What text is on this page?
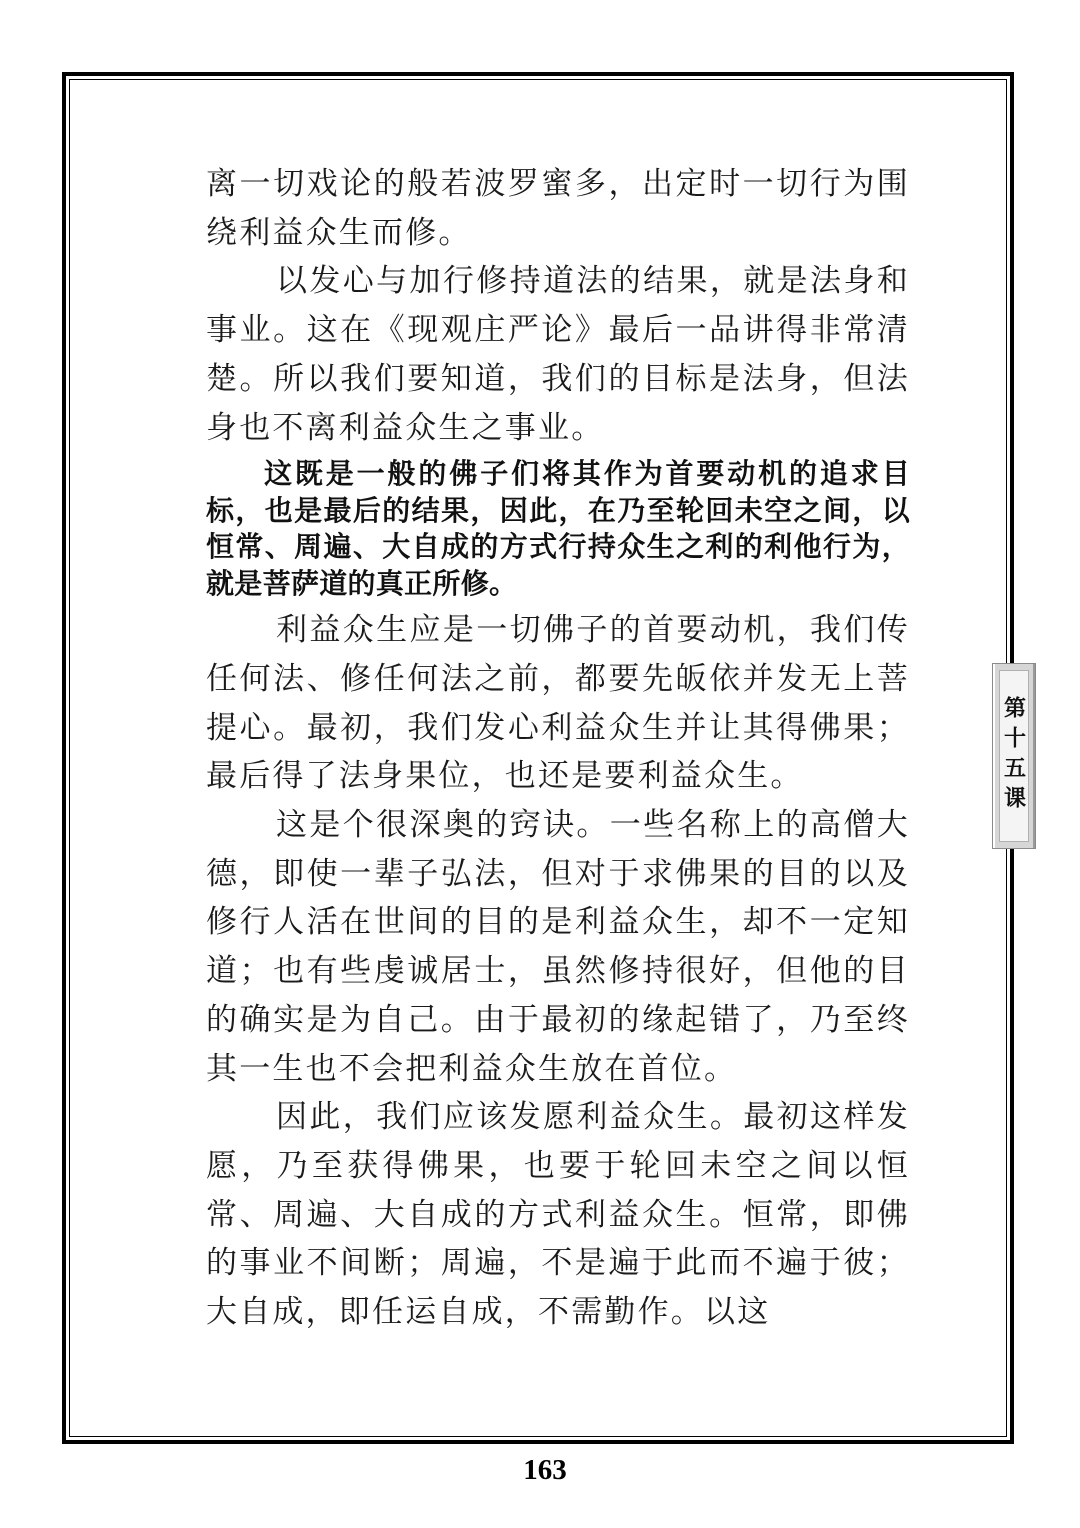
离一切戏论的般若波罗蜜多，出定时一切行为围绕利益众生而修。

以发心与加行修持道法的结果，就是法身和事业。这在《现观庄严论》最后一品讲得非常清楚。所以我们要知道，我们的目标是法身，但法身也不离利益众生之事业。

这既是一般的佛子们将其作为首要动机的追求目标，也是最后的结果，因此，在乃至轮回未空之间，以恒常、周遍、大自成的方式行持众生之利的利他行为，就是菩萨道的真正所修。

利益众生应是一切佛子的首要动机，我们传任何法、修任何法之前，都要先皈依并发无上菩提心。最初，我们发心利益众生并让其得佛果；最后得了法身果位，也还是要利益众生。

这是个很深奥的窍诀。一些名称上的高僧大德，即使一辈子弘法，但对于求佛果的目的以及修行人活在世间的目的是利益众生，却不一定知道；也有些虔诚居士，虽然修持很好，但他的目的确实是为自己。由于最初的缘起错了，乃至终其一生也不会把利益众生放在首位。

因此，我们应该发愿利益众生。最初这样发愿，乃至获得佛果，也要于轮回未空之间以恒常、周遍、大自成的方式利益众生。恒常，即佛的事业不间断；周遍，不是遍于此而不遍于彼；大自成，即任运自成，不需勤作。以这

第十五课
163
